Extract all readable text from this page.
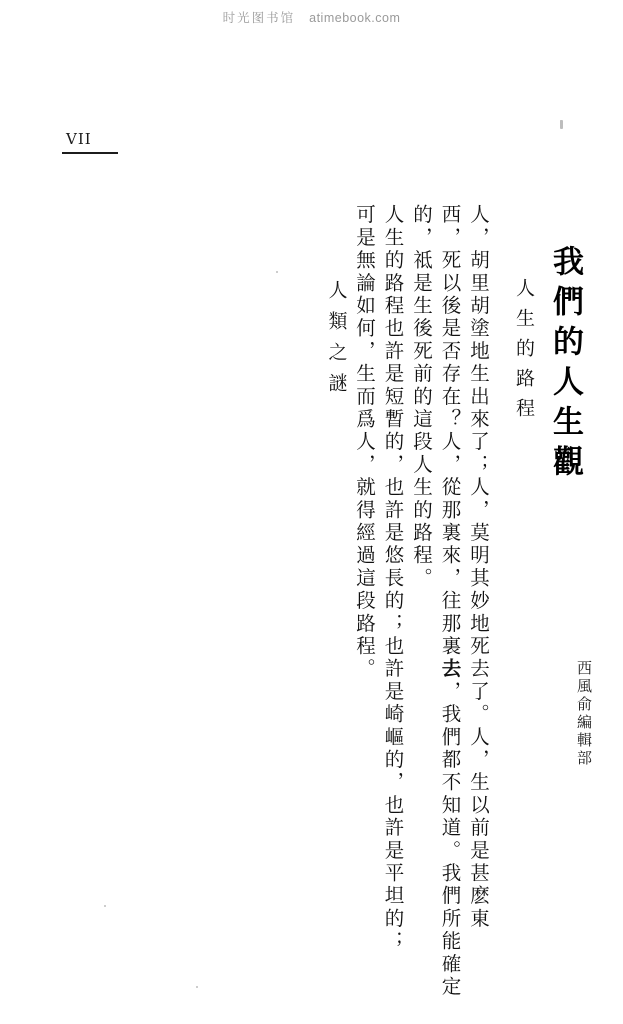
时光图书馆 atimebook.com
VII
我們的人生觀
人生的路程
人，胡里胡塗地生出來了；人，莫明其妙地死去了。人，生以前是甚麽東
西，死以後是否存在？人，從那裏來，往那裏去，我們都不知道。我們所能確定
的，祗是生後死前的這段人生的路程。
人生的路程也許是短暫的，也許是悠長的；也許是崎嶇的，也許是平坦的；
可是無論如何，生而爲人，就得經過這段路程。
人類之謎
西風俞編輯部
